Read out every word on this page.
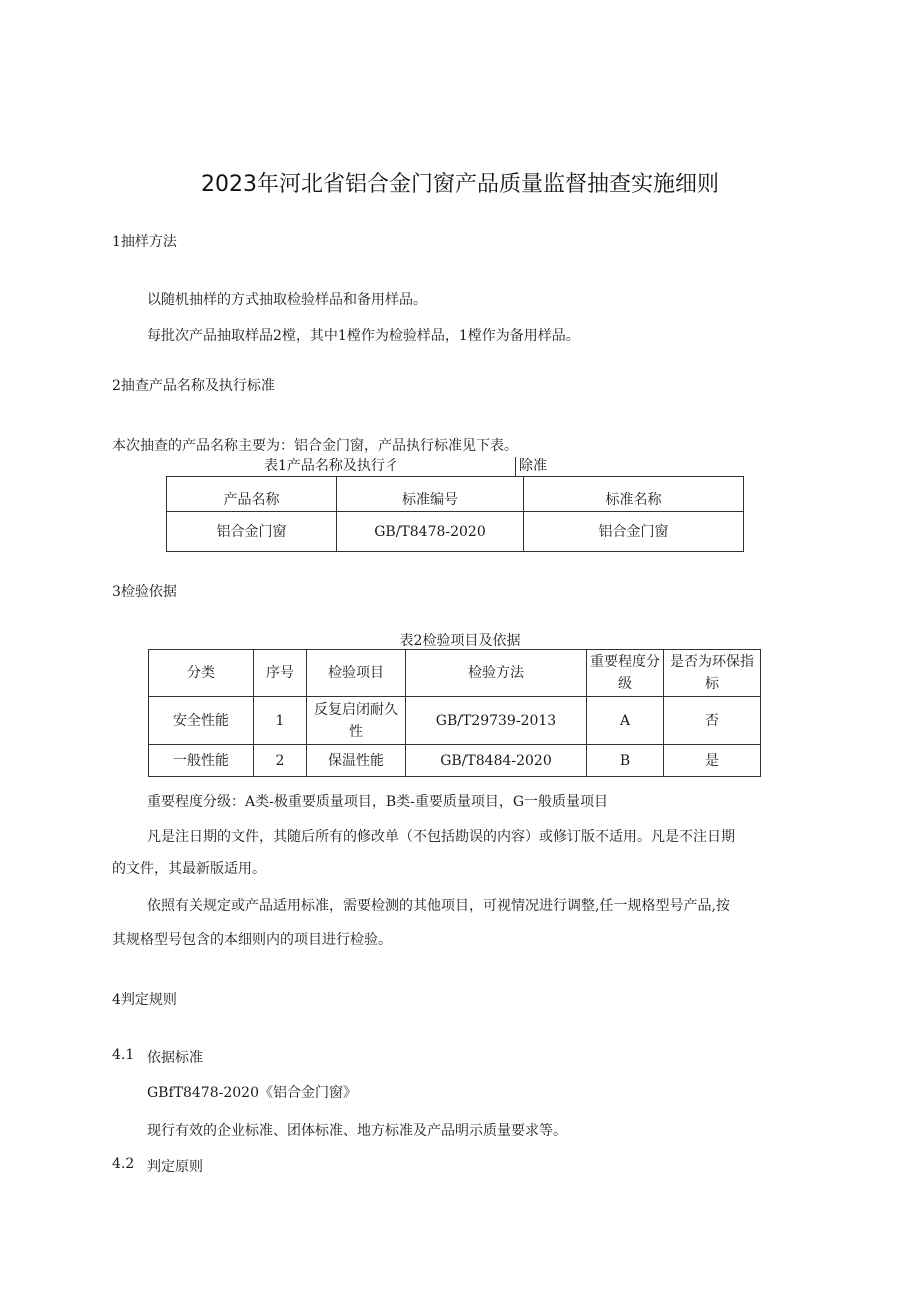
2023年河北省铝合金门窗产品质量监督抽查实施细则
1抽样方法
以随机抽样的方式抽取检验样品和备用样品。
每批次产品抽取样品2樘，其中1樘作为检验样品，1樘作为备用样品。
2抽查产品名称及执行标准
本次抽查的产品名称主要为：铝合金门窗，产品执行标准见下表。
表1产品名称及执行彳	除准
产品名称	标准编号	标准名称
铝合金门窗	GB/T8478-2020	铝合金门窗
3检验依据
表2检验项目及依据
分类	序号	检验项目	检验方法	重要程度分级	是否为环保指标
安全性能	1	反复启闭耐久性	GB/T29739-2013	A	否
一般性能	2	保温性能	GB/T8484-2020	B	是
重要程度分级：A类-极重要质量项目，B类-重要质量项目，G一般质量项目
凡是注日期的文件，其随后所有的修改单（不包括勘误的内容）或修订版不适用。凡是不注日期
的文件，其最新版适用。
依照有关规定或产品适用标准，需要检测的其他项目，可视情况进行调整,任一规格型号产品,按
其规格型号包含的本细则内的项目进行检验。
4判定规则
4.1 依据标准
GBfT8478-2020《铝合金门窗》
现行有效的企业标准、团体标准、地方标准及产品明示质量要求等。
4.2 判定原则
